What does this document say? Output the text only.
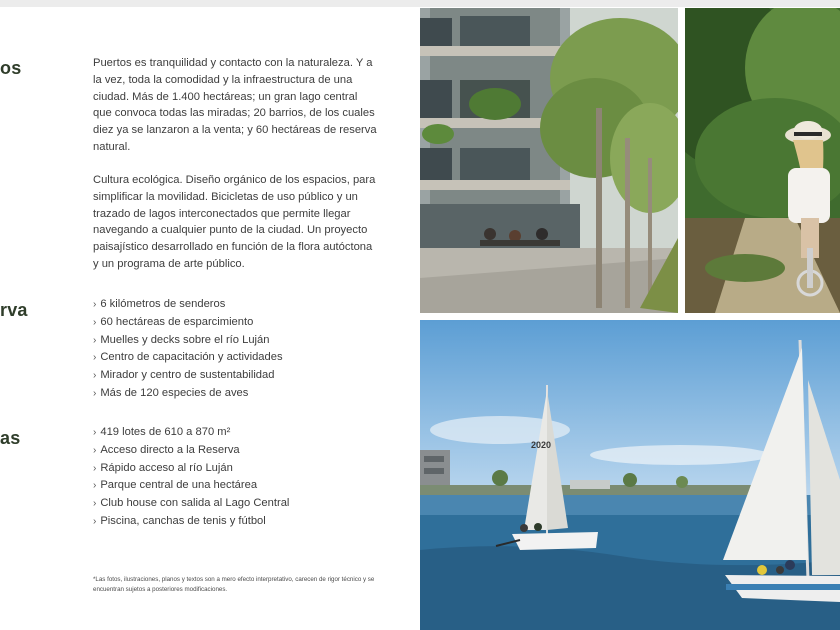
os
rva
as

Puertos es tranquilidad y contacto con la naturaleza. Y a la vez, toda la comodidad y la infraestructura de una ciudad. Más de 1.400 hectáreas; un gran lago central que convoca todas las miradas; 20 barrios, de los cuales diez ya se lanzaron a la venta; y 60 hectáreas de reserva natural.

Cultura ecológica. Diseño orgánico de los espacios, para simplificar la movilidad. Bicicletas de uso público y un trazado de lagos interconectados que permite llegar navegando a cualquier punto de la ciudad. Un proyecto paisajístico desarrollado en función de la flora autóctona y un programa de arte público.

› 6 kilómetros de senderos
› 60 hectáreas de esparcimiento
› Muelles y decks sobre el río Luján
› Centro de capacitación y actividades
› Mirador y centro de sustentabilidad
› Más de 120 especies de aves
› 419 lotes de 610 a 870 m²
› Acceso directo a la Reserva
› Rápido acceso al río Luján
› Parque central de una hectárea
› Club house con salida al Lago Central
› Piscina, canchas de tenis y fútbol

*Las fotos, ilustraciones, planos y textos son a mero efecto interpretativo, carecen de rigor técnico y se encuentran sujetos a posteriores modificaciones.

2020
